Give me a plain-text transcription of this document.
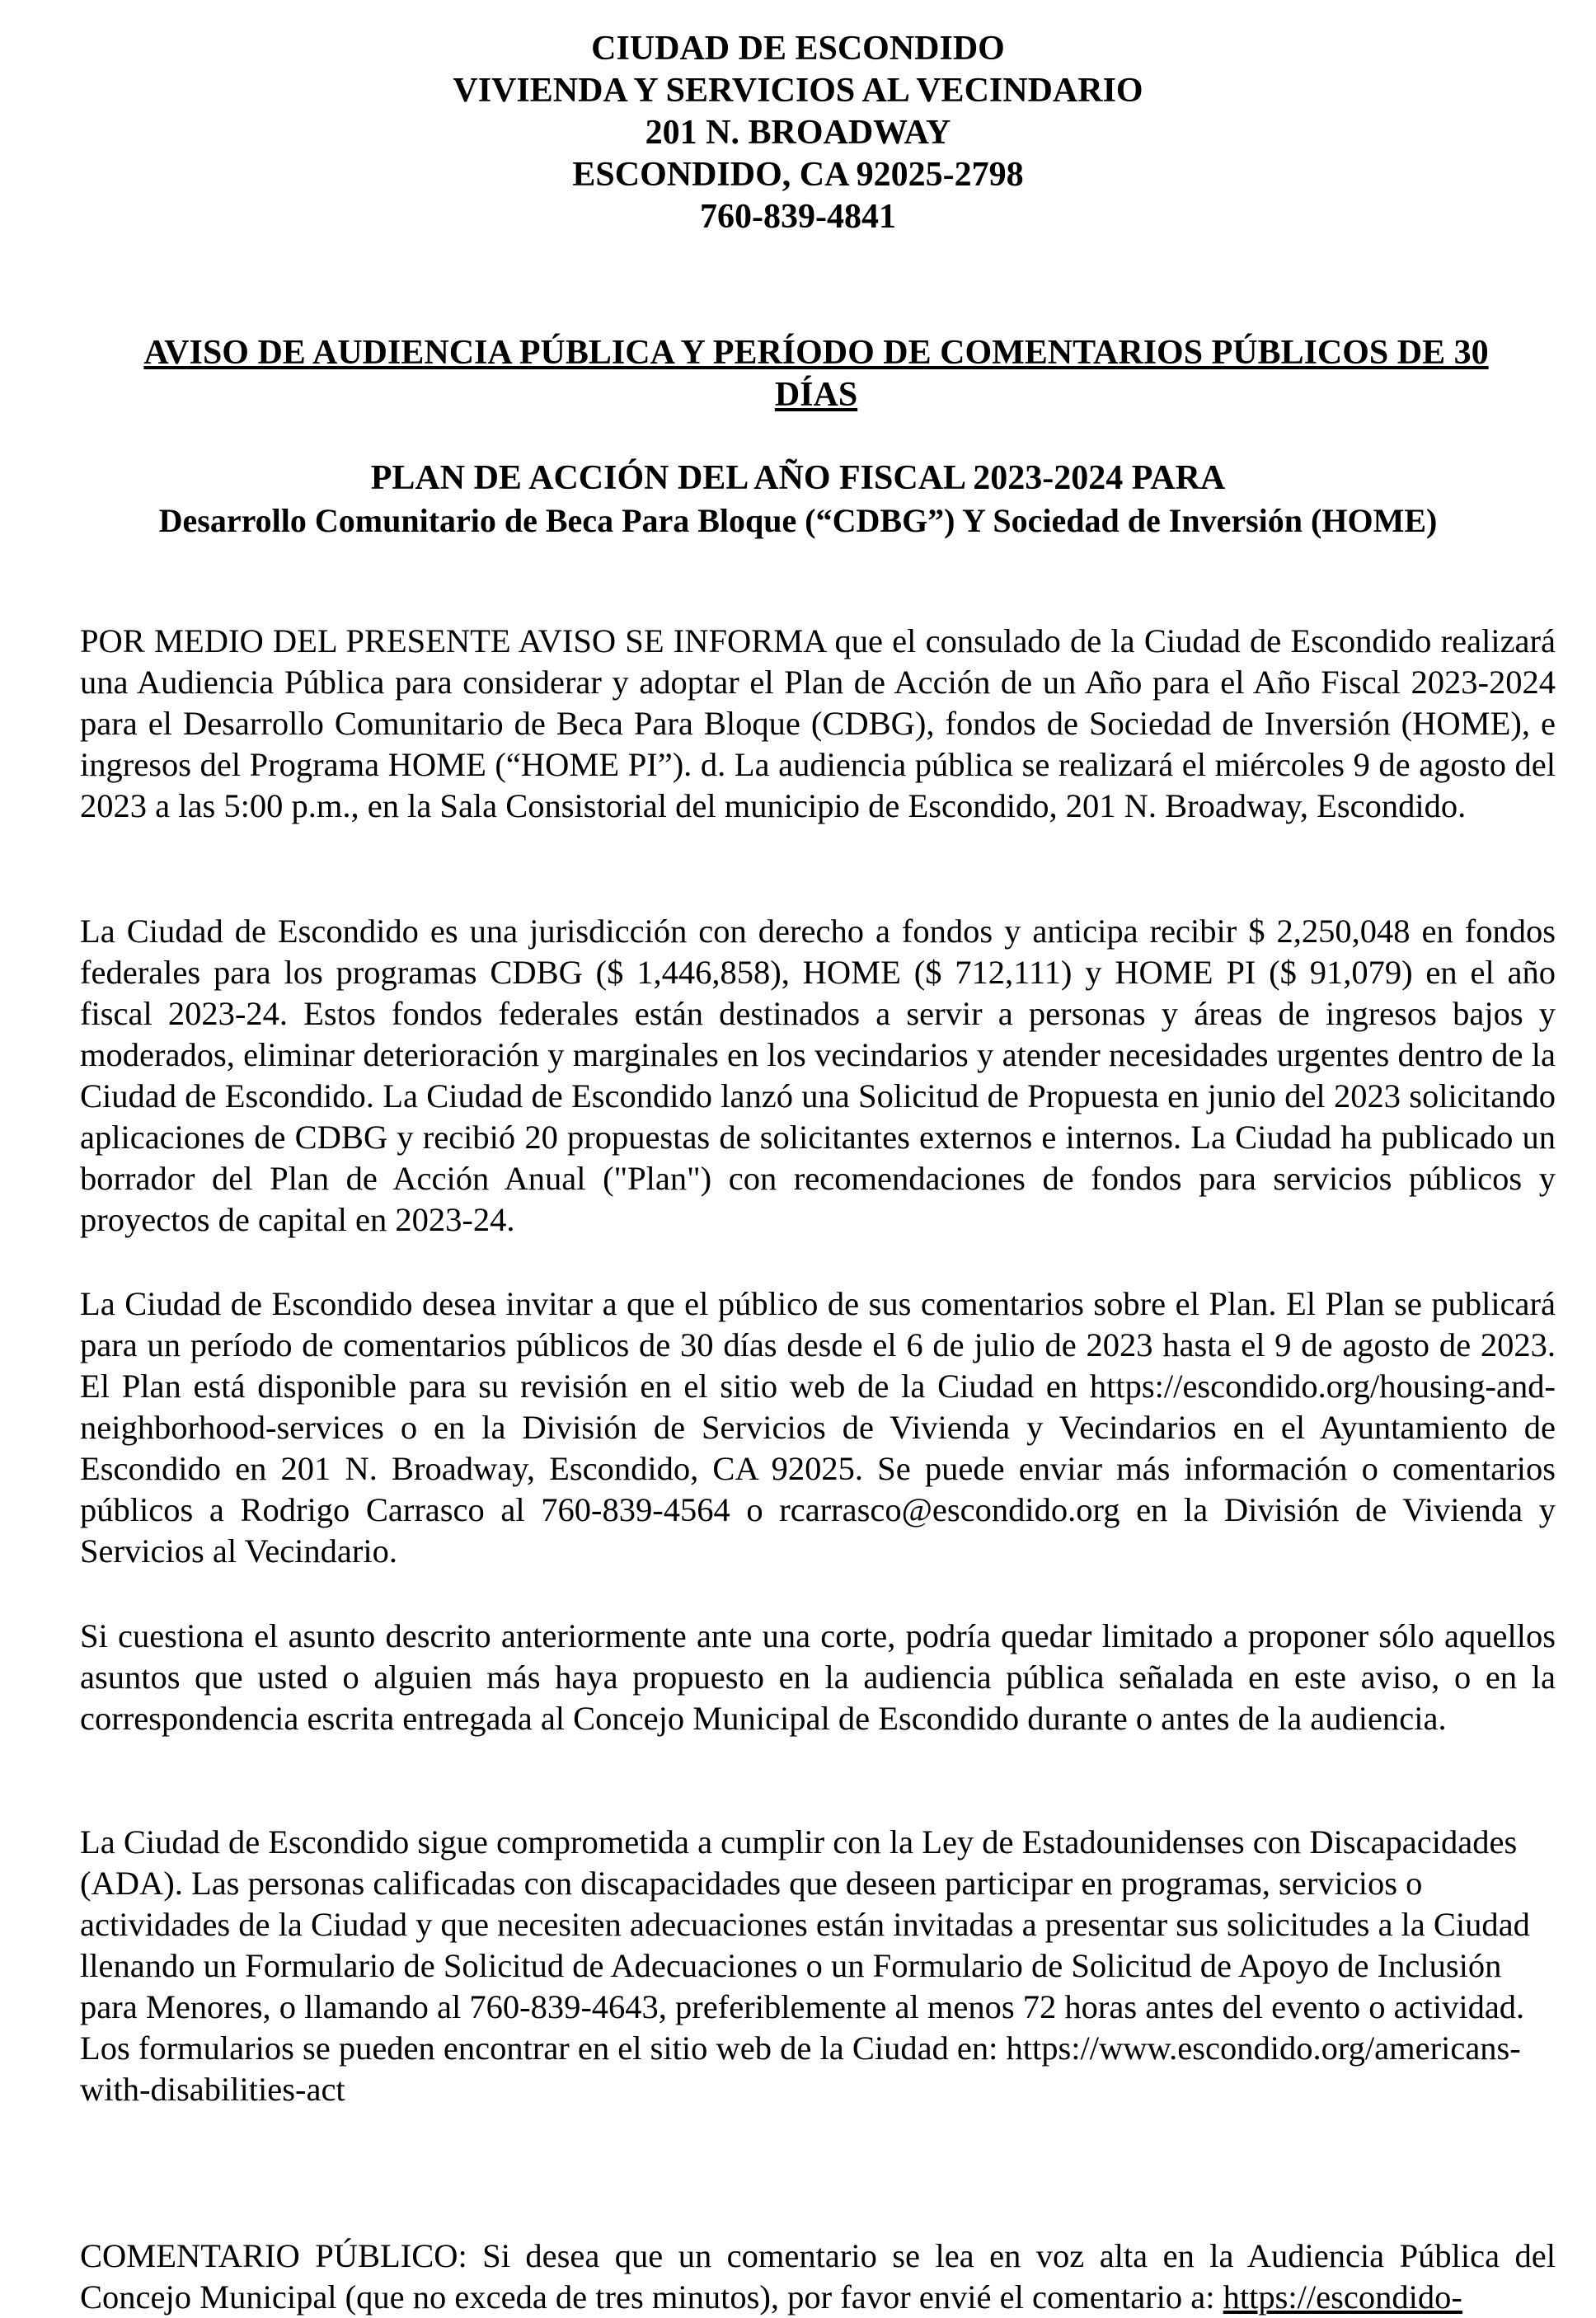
CIUDAD DE ESCONDIDO
VIVIENDA Y SERVICIOS AL VECINDARIO
201 N. BROADWAY
ESCONDIDO, CA 92025-2798
760-839-4841
AVISO DE AUDIENCIA PÚBLICA Y PERÍODO DE COMENTARIOS PÚBLICOS DE 30 DÍAS
PLAN DE ACCIÓN DEL AÑO FISCAL 2023-2024 PARA
Desarrollo Comunitario de Beca Para Bloque (“CDBG”) Y Sociedad de Inversión (HOME)

POR MEDIO DEL PRESENTE AVISO SE INFORMA que el consulado de la Ciudad de Escondido realizará una Audiencia Pública para considerar y adoptar el Plan de Acción de un Año para el Año Fiscal 2023-2024 para el Desarrollo Comunitario de Beca Para Bloque (CDBG), fondos de Sociedad de Inversión (HOME), e ingresos del Programa HOME (“HOME PI”). d. La audiencia pública se realizará el miércoles 9 de agosto del 2023 a las 5:00 p.m., en la Sala Consistorial del municipio de Escondido, 201 N. Broadway, Escondido.

La Ciudad de Escondido es una jurisdicción con derecho a fondos y anticipa recibir $ 2,250,048 en fondos federales para los programas CDBG ($ 1,446,858), HOME ($ 712,111) y HOME PI ($ 91,079) en el año fiscal 2023-24. Estos fondos federales están destinados a servir a personas y áreas de ingresos bajos y moderados, eliminar deterioración y marginales en los vecindarios y atender necesidades urgentes dentro de la Ciudad de Escondido. La Ciudad de Escondido lanzó una Solicitud de Propuesta en junio del 2023 solicitando aplicaciones de CDBG y recibió 20 propuestas de solicitantes externos e internos. La Ciudad ha publicado un borrador del Plan de Acción Anual ("Plan") con recomendaciones de fondos para servicios públicos y proyectos de capital en 2023-24.

La Ciudad de Escondido desea invitar a que el público de sus comentarios sobre el Plan. El Plan se publicará para un período de comentarios públicos de 30 días desde el 6 de julio de 2023 hasta el 9 de agosto de 2023. El Plan está disponible para su revisión en el sitio web de la Ciudad en https://escondido.org/housing-and-neighborhood-services o en la División de Servicios de Vivienda y Vecindarios en el Ayuntamiento de Escondido en 201 N. Broadway, Escondido, CA 92025. Se puede enviar más información o comentarios públicos a Rodrigo Carrasco al 760-839-4564 o rcarrasco@escondido.org en la División de Vivienda y Servicios al Vecindario.

Si cuestiona el asunto descrito anteriormente ante una corte, podría quedar limitado a proponer sólo aquellos asuntos que usted o alguien más haya propuesto en la audiencia pública señalada en este aviso, o en la correspondencia escrita entregada al Concejo Municipal de Escondido durante o antes de la audiencia.

La Ciudad de Escondido sigue comprometida a cumplir con la Ley de Estadounidenses con Discapacidades (ADA). Las personas calificadas con discapacidades que deseen participar en programas, servicios o actividades de la Ciudad y que necesiten adecuaciones están invitadas a presentar sus solicitudes a la Ciudad llenando un Formulario de Solicitud de Adecuaciones o un Formulario de Solicitud de Apoyo de Inclusión para Menores, o llamando al 760-839-4643, preferiblemente al menos 72 horas antes del evento o actividad. Los formularios se pueden encontrar en el sitio web de la Ciudad en: https://www.escondido.org/americans-with-disabilities-act

COMENTARIO PÚBLICO: Si desea que un comentario se lea en voz alta en la Audiencia Pública del Concejo Municipal (que no exceda de tres minutos), por favor envié el comentario a: https://escondido-
